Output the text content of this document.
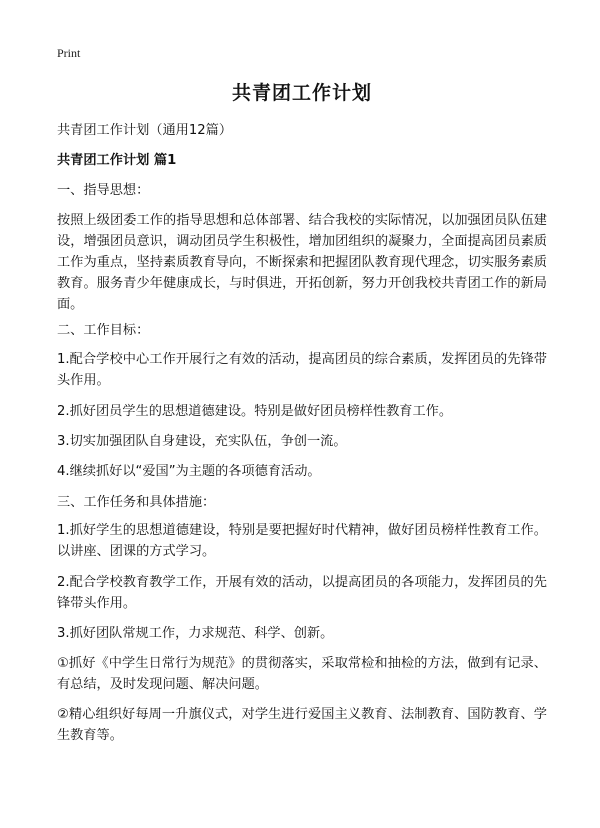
Print
共青团工作计划

共青团工作计划（通用12篇）

共青团工作计划 篇1

一、指导思想：

按照上级团委工作的指导思想和总体部署、结合我校的实际情况，以加强团员队伍建设，增强团员意识，调动团员学生积极性，增加团组织的凝聚力，全面提高团员素质工作为重点，坚持素质教育导向，不断探索和把握团队教育现代理念，切实服务素质教育。服务青少年健康成长，与时俱进，开拓创新，努力开创我校共青团工作的新局面。

二、工作目标：

1.配合学校中心工作开展行之有效的活动，提高团员的综合素质，发挥团员的先锋带头作用。

2.抓好团员学生的思想道德建设。特别是做好团员榜样性教育工作。

3.切实加强团队自身建设，充实队伍，争创一流。

4.继续抓好以“爱国”为主题的各项德育活动。

三、工作任务和具体措施：

1.抓好学生的思想道德建设，特别是要把握好时代精神，做好团员榜样性教育工作。以讲座、团课的方式学习。

2.配合学校教育教学工作，开展有效的活动，以提高团员的各项能力，发挥团员的先锋带头作用。

3.抓好团队常规工作，力求规范、科学、创新。

①抓好《中学生日常行为规范》的贯彻落实，采取常检和抽检的方法，做到有记录、有总结，及时发现问题、解决问题。

②精心组织好每周一升旗仪式，对学生进行爱国主义教育、法制教育、国防教育、学生教育等。
